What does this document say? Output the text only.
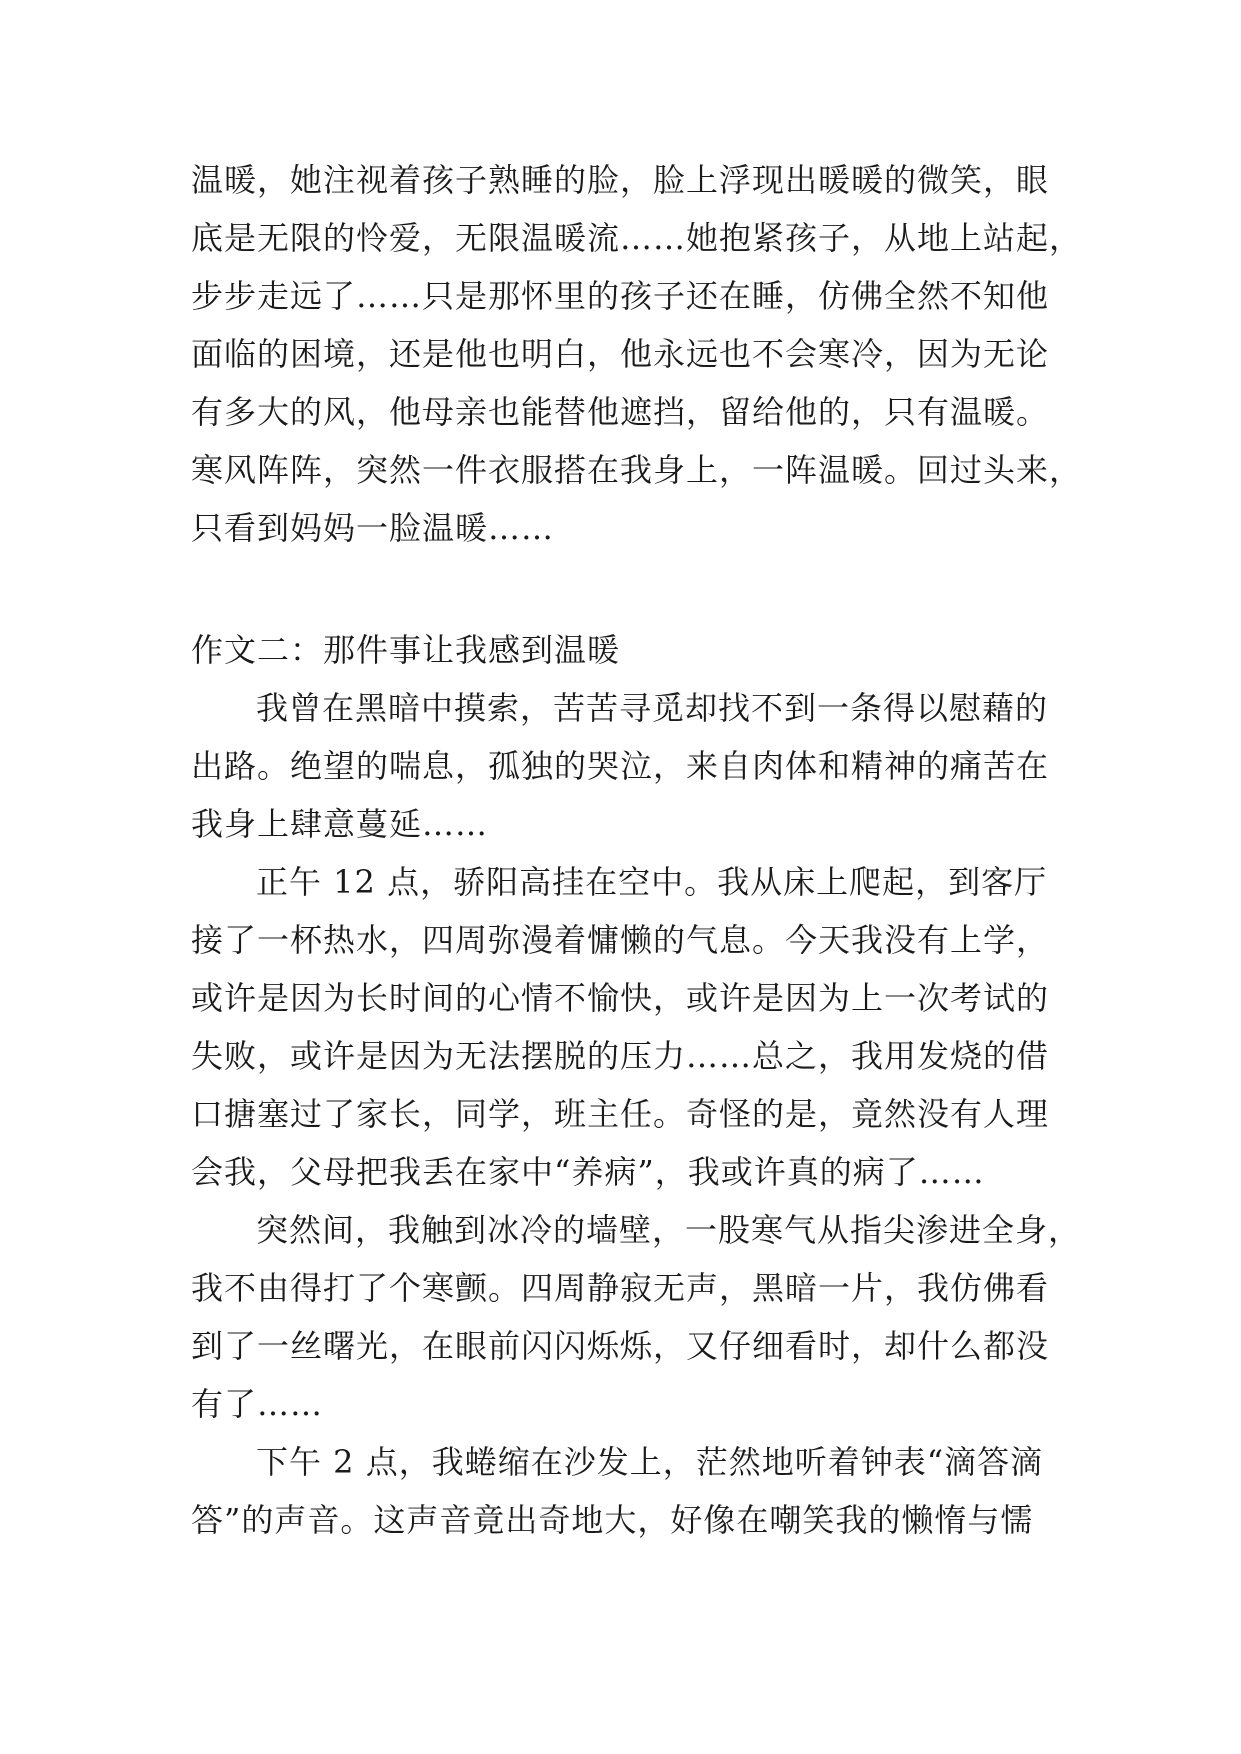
温暖，她注视着孩子熟睡的脸，脸上浮现出暖暖的微笑，眼
底是无限的怜爱，无限温暖流……她抱紧孩子，从地上站起，
步步走远了……只是那怀里的孩子还在睡，仿佛全然不知他
面临的困境，还是他也明白，他永远也不会寒冷，因为无论
有多大的风，他母亲也能替他遮挡，留给他的，只有温暖。
寒风阵阵，突然一件衣服搭在我身上，一阵温暖。回过头来，
只看到妈妈一脸温暖……
作文二：那件事让我感到温暖
我曾在黑暗中摸索，苦苦寻觅却找不到一条得以慰藉的
出路。绝望的喘息，孤独的哭泣，来自肉体和精神的痛苦在
我身上肆意蔓延……
正午 12 点，骄阳高挂在空中。我从床上爬起，到客厅
接了一杯热水，四周弥漫着慵懒的气息。今天我没有上学，
或许是因为长时间的心情不愉快，或许是因为上一次考试的
失败，或许是因为无法摆脱的压力……总之，我用发烧的借
口搪塞过了家长，同学，班主任。奇怪的是，竟然没有人理
会我，父母把我丢在家中“养病”，我或许真的病了……
突然间，我触到冰冷的墙壁，一股寒气从指尖渗进全身，
我不由得打了个寒颤。四周静寂无声，黑暗一片，我仿佛看
到了一丝曙光，在眼前闪闪烁烁，又仔细看时，却什么都没
有了……
下午 2 点，我蜷缩在沙发上，茫然地听着钟表“滴答滴
答”的声音。这声音竟出奇地大，好像在嘲笑我的懒惰与懦
